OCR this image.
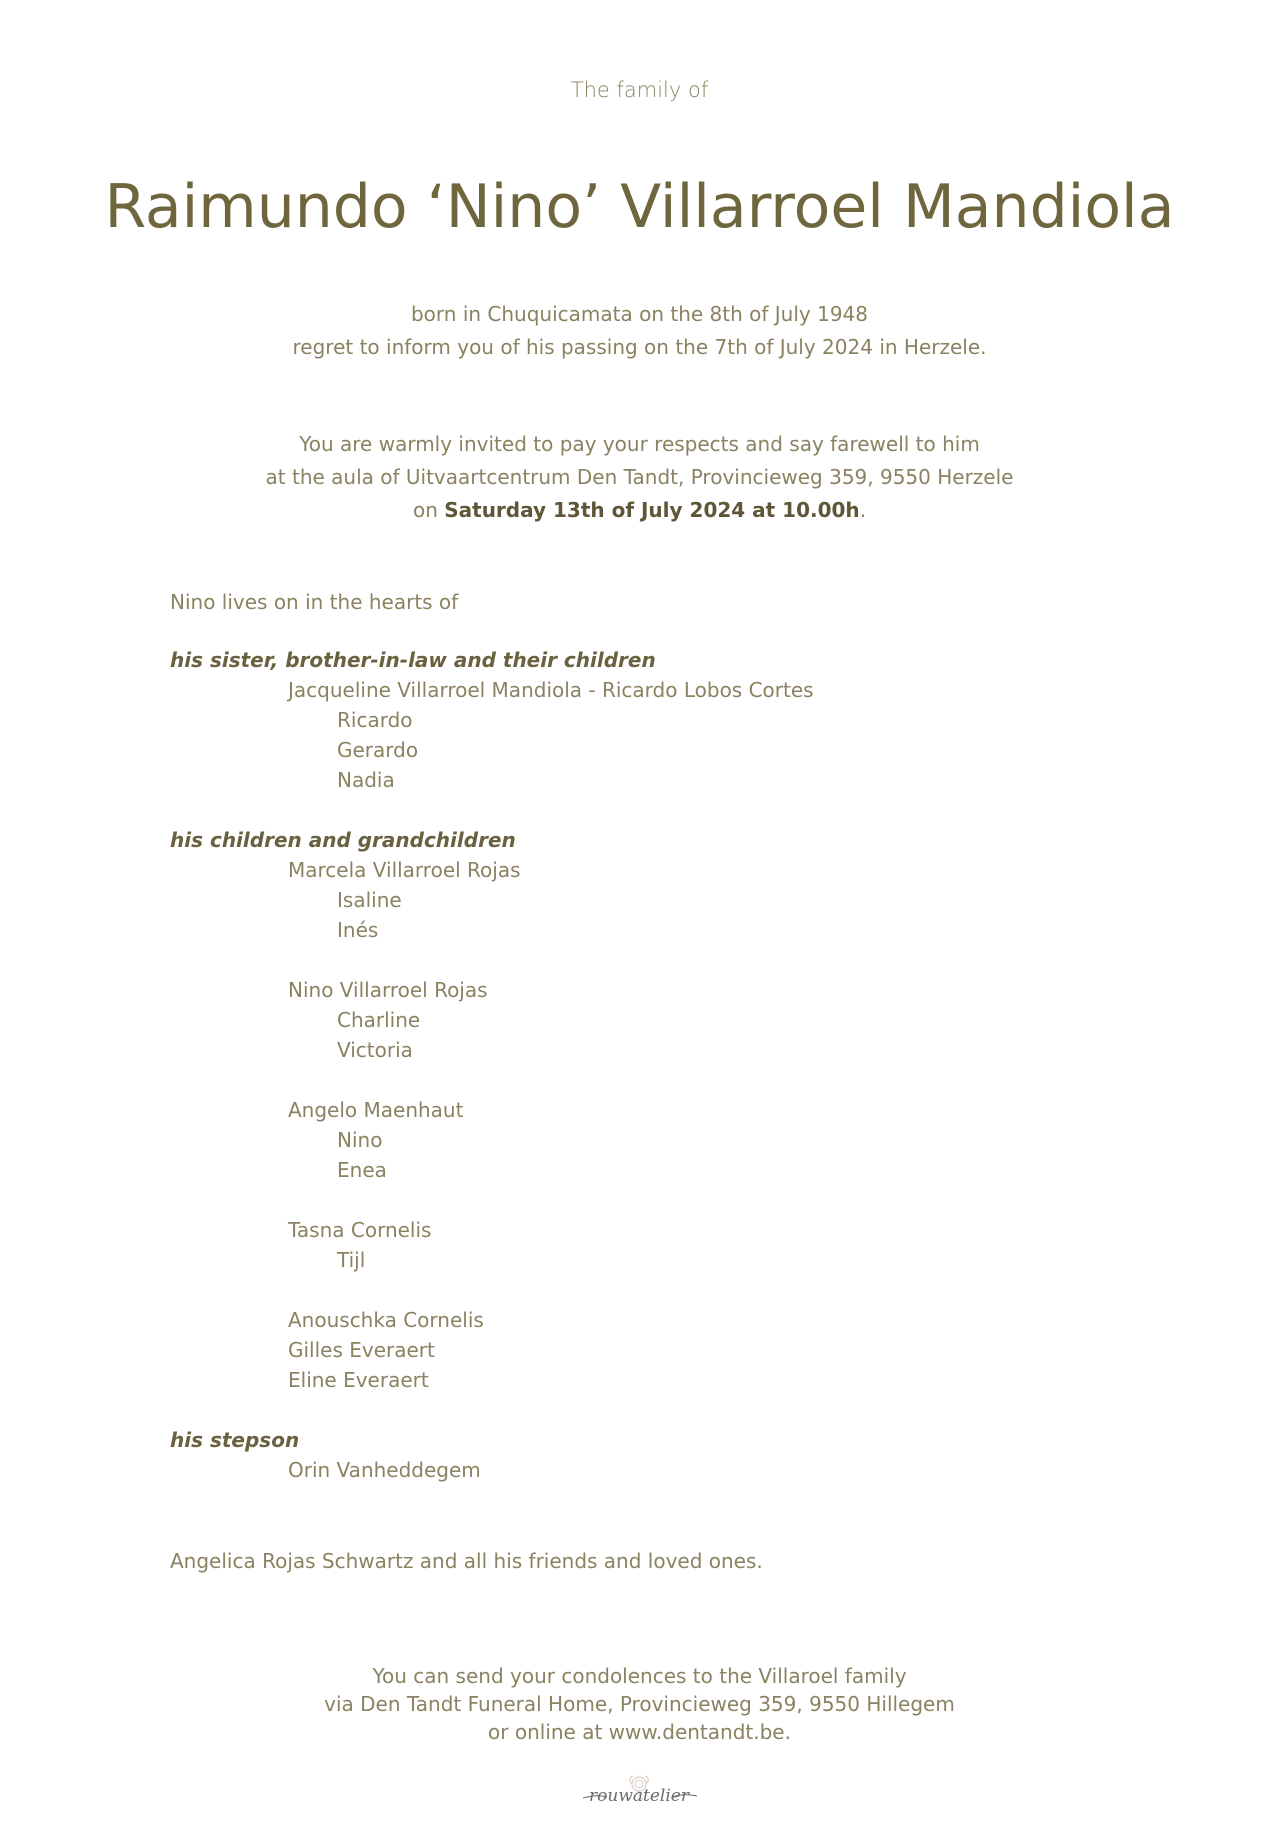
The family of
Raimundo ‘Nino’ Villarroel Mandiola
born in Chuquicamata on the 8th of July 1948
regret to inform you of his passing on the 7th of July 2024 in Herzele.
You are warmly invited to pay your respects and say farewell to him
at the aula of Uitvaartcentrum Den Tandt, Provincieweg 359, 9550 Herzele
on Saturday 13th of July 2024 at 10.00h.
Nino lives on in the hearts of
his sister, brother-in-law and their children
Jacqueline Villarroel Mandiola - Ricardo Lobos Cortes
Ricardo
Gerardo
Nadia
his children and grandchildren
Marcela Villarroel Rojas
Isaline
Inés
Nino Villarroel Rojas
Charline
Victoria
Angelo Maenhaut
Nino
Enea
Tasna Cornelis
Tijl
Anouschka Cornelis
Gilles Everaert
Eline Everaert
his stepson
Orin Vanheddegem
Angelica Rojas Schwartz and all his friends and loved ones.
You can send your condolences to the Villaroel family
via Den Tandt Funeral Home, Provincieweg 359, 9550 Hillegem
or online at www.dentandt.be.
rouwatelier
